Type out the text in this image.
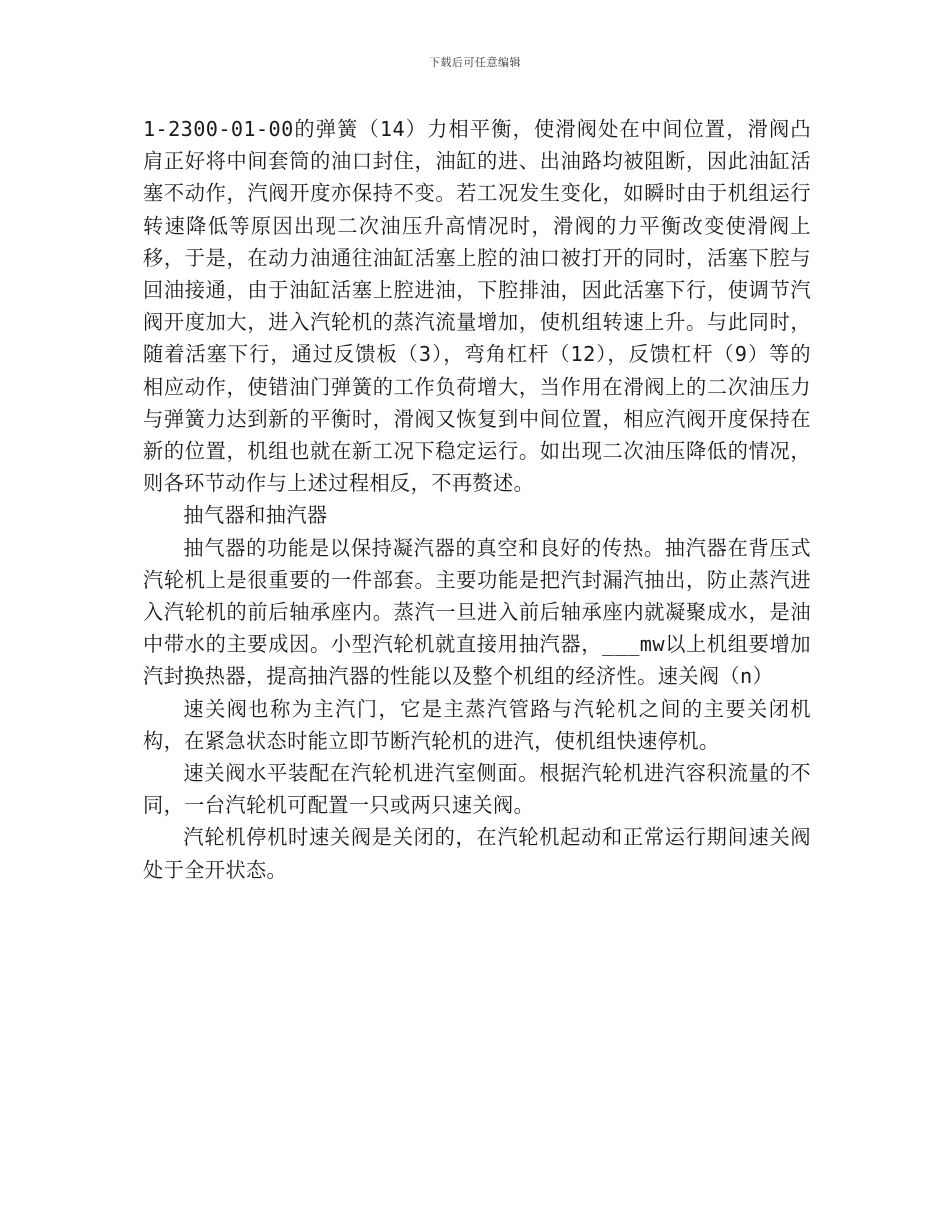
下载后可任意编辑

1-2300-01-00的弹簧（14）力相平衡，使滑阀处在中间位置，滑阀凸肩正好将中间套筒的油口封住，油缸的进、出油路均被阻断，因此油缸活塞不动作，汽阀开度亦保持不变。若工况发生变化，如瞬时由于机组运行转速降低等原因出现二次油压升高情况时，滑阀的力平衡改变使滑阀上移，于是，在动力油通往油缸活塞上腔的油口被打开的同时，活塞下腔与回油接通，由于油缸活塞上腔进油，下腔排油，因此活塞下行，使调节汽阀开度加大，进入汽轮机的蒸汽流量增加，使机组转速上升。与此同时，随着活塞下行，通过反馈板（3），弯角杠杆（12），反馈杠杆（9）等的相应动作，使错油门弹簧的工作负荷增大，当作用在滑阀上的二次油压力与弹簧力达到新的平衡时，滑阀又恢复到中间位置，相应汽阀开度保持在新的位置，机组也就在新工况下稳定运行。如出现二次油压降低的情况，则各环节动作与上述过程相反，不再赘述。

抽气器和抽汽器

抽气器的功能是以保持凝汽器的真空和良好的传热。抽汽器在背压式汽轮机上是很重要的一件部套。主要功能是把汽封漏汽抽出，防止蒸汽进入汽轮机的前后轴承座内。蒸汽一旦进入前后轴承座内就凝聚成水，是油中带水的主要成因。小型汽轮机就直接用抽汽器，___mw以上机组要增加汽封换热器，提高抽汽器的性能以及整个机组的经济性。速关阀（n）

速关阀也称为主汽门，它是主蒸汽管路与汽轮机之间的主要关闭机构，在紧急状态时能立即节断汽轮机的进汽，使机组快速停机。

速关阀水平装配在汽轮机进汽室侧面。根据汽轮机进汽容积流量的不同，一台汽轮机可配置一只或两只速关阀。

汽轮机停机时速关阀是关闭的，在汽轮机起动和正常运行期间速关阀处于全开状态。
